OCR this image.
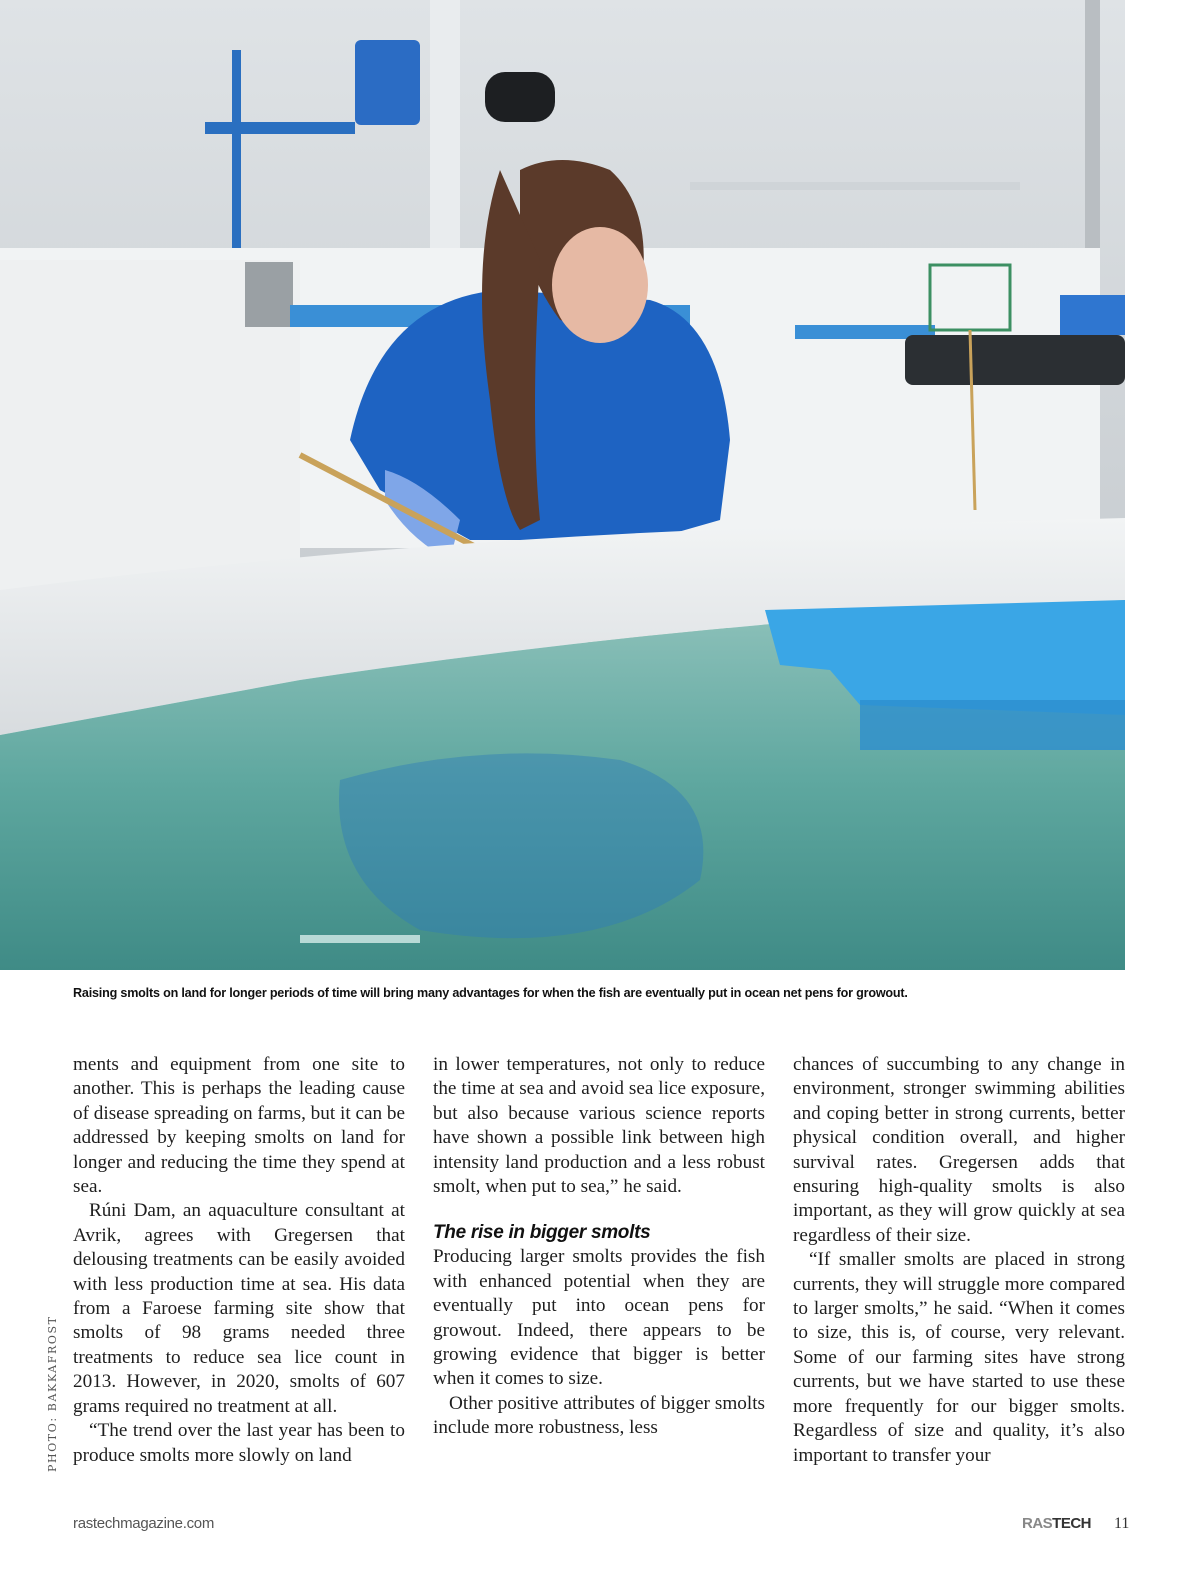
Raising smolts on land for longer periods of time will bring many advantages for when the fish are eventually put in ocean net pens for growout.
PHOTO: BAKKAFROST

ments and equipment from one site to another. This is perhaps the leading cause of disease spreading on farms, but it can be addressed by keeping smolts on land for longer and reducing the time they spend at sea.

Rúni Dam, an aquaculture consultant at Avrik, agrees with Gregersen that delousing treatments can be easily avoided with less production time at sea. His data from a Faroese farming site show that smolts of 98 grams needed three treatments to reduce sea lice count in 2013. However, in 2020, smolts of 607 grams required no treatment at all.

“The trend over the last year has been to produce smolts more slowly on land

in lower temperatures, not only to reduce the time at sea and avoid sea lice exposure, but also because various science reports have shown a possible link between high intensity land production and a less robust smolt, when put to sea,” he said.

The rise in bigger smolts

Producing larger smolts provides the fish with enhanced potential when they are eventually put into ocean pens for growout. Indeed, there appears to be growing evidence that bigger is better when it comes to size.

Other positive attributes of bigger smolts include more robustness, less

chances of succumbing to any change in environment, stronger swimming abilities and coping better in strong currents, better physical condition overall, and higher survival rates. Gregersen adds that ensuring high-quality smolts is also important, as they will grow quickly at sea regardless of their size.

“If smaller smolts are placed in strong currents, they will struggle more compared to larger smolts,” he said. “When it comes to size, this is, of course, very relevant. Some of our farming sites have strong currents, but we have started to use these more frequently for our bigger smolts. Regardless of size and quality, it’s also important to transfer your

rastechmagazine.com	RASTECH 11
